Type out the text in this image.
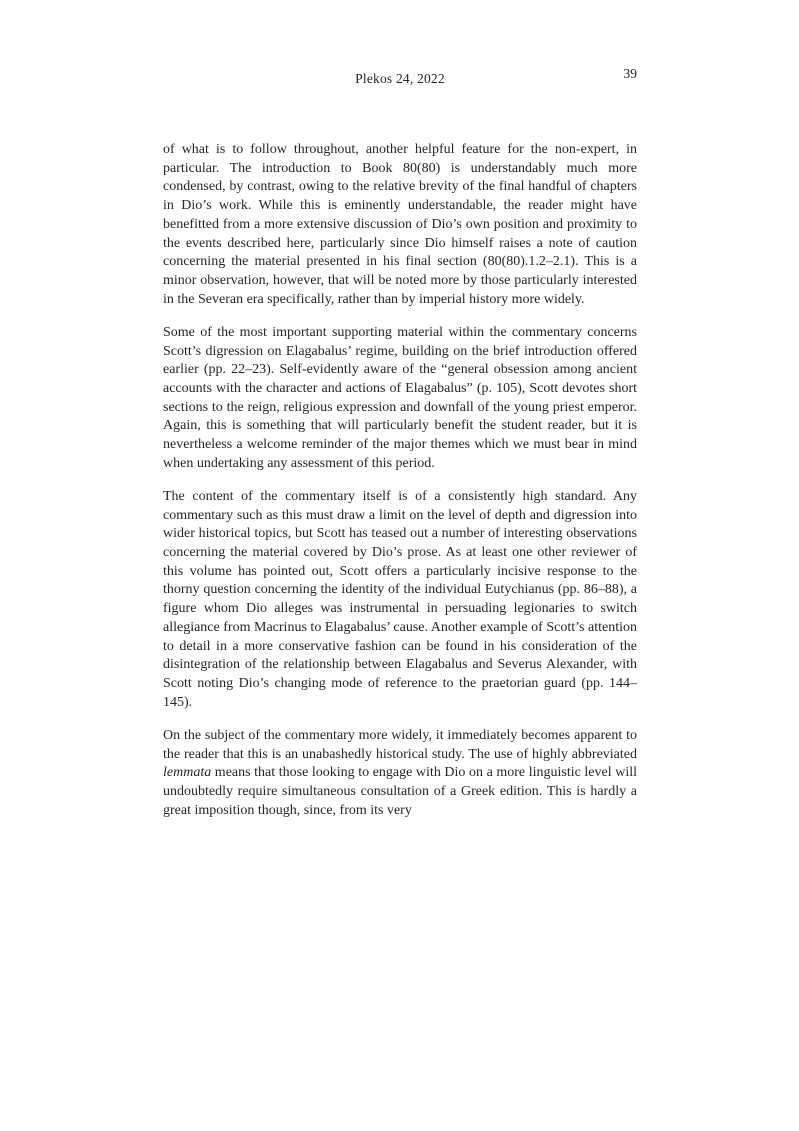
Plekos 24, 2022	39

of what is to follow throughout, another helpful feature for the non-expert, in particular. The introduction to Book 80(80) is understandably much more condensed, by contrast, owing to the relative brevity of the final handful of chapters in Dio’s work. While this is eminently understandable, the reader might have benefitted from a more extensive discussion of Dio’s own position and proximity to the events described here, particularly since Dio himself raises a note of caution concerning the material presented in his final section (80(80).1.2–2.1). This is a minor observation, however, that will be noted more by those particularly interested in the Severan era specifically, rather than by imperial history more widely.

Some of the most important supporting material within the commentary concerns Scott’s digression on Elagabalus’ regime, building on the brief introduction offered earlier (pp. 22–23). Self-evidently aware of the “general obsession among ancient accounts with the character and actions of Elagabalus” (p. 105), Scott devotes short sections to the reign, religious expression and downfall of the young priest emperor. Again, this is something that will particularly benefit the student reader, but it is nevertheless a welcome reminder of the major themes which we must bear in mind when undertaking any assessment of this period.

The content of the commentary itself is of a consistently high standard. Any commentary such as this must draw a limit on the level of depth and digression into wider historical topics, but Scott has teased out a number of interesting observations concerning the material covered by Dio’s prose. As at least one other reviewer of this volume has pointed out, Scott offers a particularly incisive response to the thorny question concerning the identity of the individual Eutychianus (pp. 86–88), a figure whom Dio alleges was instrumental in persuading legionaries to switch allegiance from Macrinus to Elagabalus’ cause. Another example of Scott’s attention to detail in a more conservative fashion can be found in his consideration of the disintegration of the relationship between Elagabalus and Severus Alexander, with Scott noting Dio’s changing mode of reference to the praetorian guard (pp. 144–145).

On the subject of the commentary more widely, it immediately becomes apparent to the reader that this is an unabashedly historical study. The use of highly abbreviated lemmata means that those looking to engage with Dio on a more linguistic level will undoubtedly require simultaneous consultation of a Greek edition. This is hardly a great imposition though, since, from its very
